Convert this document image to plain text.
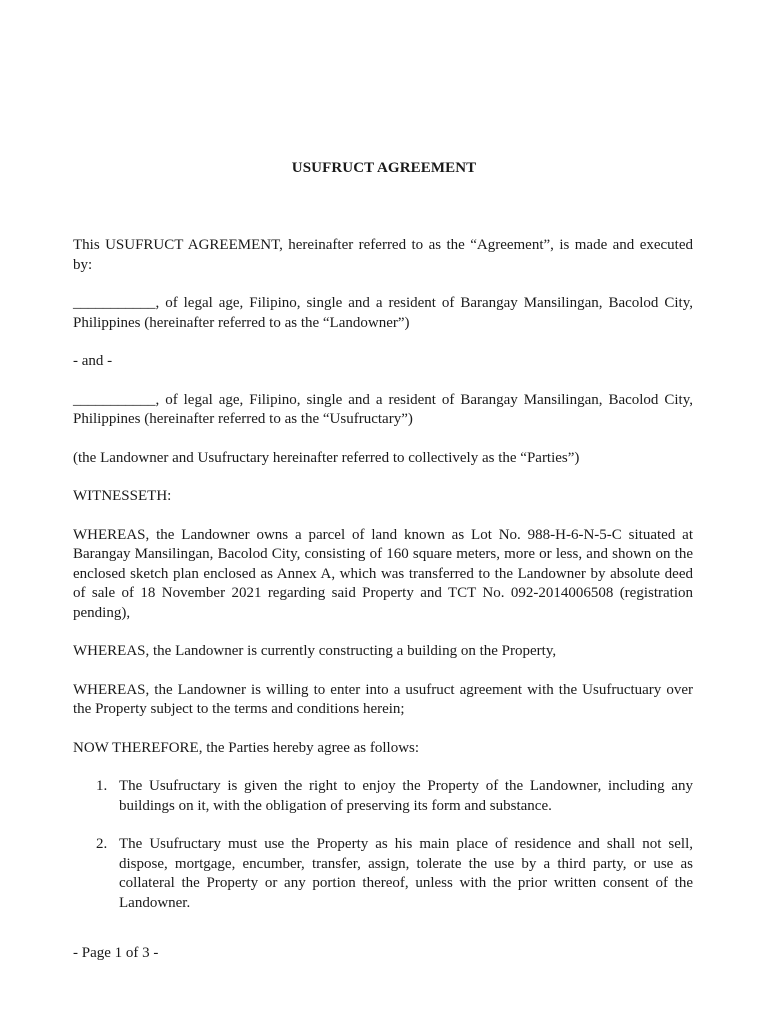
USUFRUCT AGREEMENT

This USUFRUCT AGREEMENT, hereinafter referred to as the “Agreement”, is made and executed by:

___________, of legal age, Filipino, single and a resident of Barangay Mansilingan, Bacolod City, Philippines (hereinafter referred to as the “Landowner”)

- and -

___________, of legal age, Filipino, single and a resident of Barangay Mansilingan, Bacolod City, Philippines (hereinafter referred to as the “Usufructary”)

(the Landowner and Usufructary hereinafter referred to collectively as the “Parties”)

WITNESSETH:

WHEREAS, the Landowner owns a parcel of land known as Lot No. 988-H-6-N-5-C situated at Barangay Mansilingan, Bacolod City, consisting of 160 square meters, more or less, and shown on the enclosed sketch plan enclosed as Annex A, which was transferred to the Landowner by absolute deed of sale of 18 November 2021 regarding said Property and TCT No. 092-2014006508 (registration pending),

WHEREAS, the Landowner is currently constructing a building on the Property,

WHEREAS, the Landowner is willing to enter into a usufruct agreement with the Usufructuary over the Property subject to the terms and conditions herein;

NOW THEREFORE, the Parties hereby agree as follows:

1. The Usufructary is given the right to enjoy the Property of the Landowner, including any buildings on it, with the obligation of preserving its form and substance.
2. The Usufructary must use the Property as his main place of residence and shall not sell, dispose, mortgage, encumber, transfer, assign, tolerate the use by a third party, or use as collateral the Property or any portion thereof, unless with the prior written consent of the Landowner.
- Page 1 of 3 -
